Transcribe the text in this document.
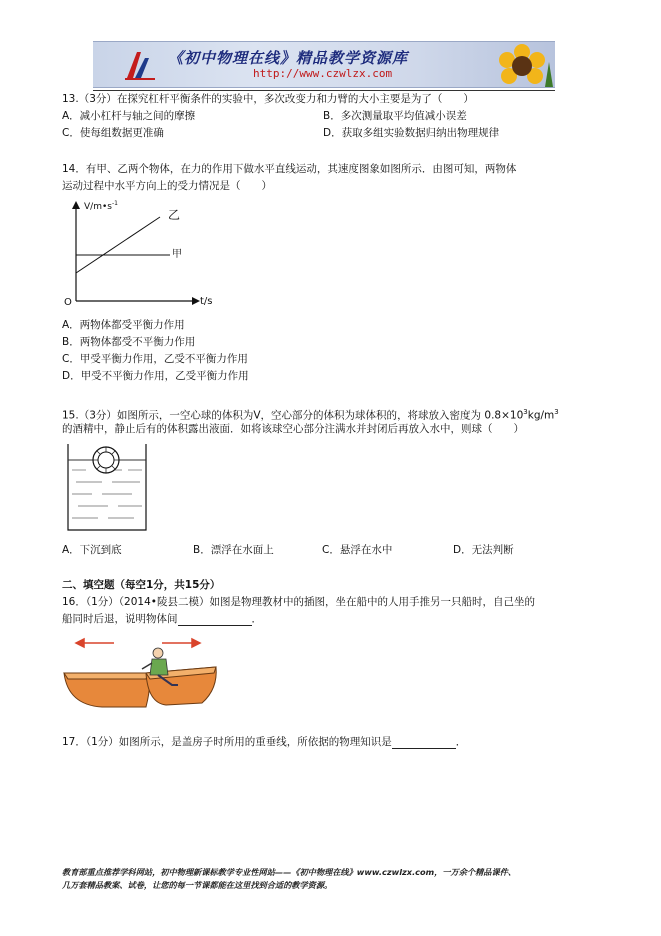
《初中物理在线》精品教学资源库
http://www.czwlzx.com
13.（3分）在探究杠杆平衡条件的实验中，多次改变力和力臂的大小主要是为了（　　）
A．减小杠杆与轴之间的摩擦	B．多次测量取平均值减小误差
C．使每组数据更准确	D．获取多组实验数据归纳出物理规律
14．有甲、乙两个物体，在力的作用下做水平直线运动，其速度图象如图所示．由图可知，两物体
运动过程中水平方向上的受力情况是（　　）
$V/m•s^{-1}$
乙
甲
O	t/s
A．两物体都受平衡力作用
B．两物体都受不平衡力作用
C．甲受平衡力作用，乙受不平衡力作用
D．甲受不平衡力作用，乙受平衡力作用
15.（3分）如图所示，一空心球的体积为V，空心部分的体积为球体积的，将球放入密度为 $0.8\times 10^3kg/m^3$
的酒精中，静止后有的体积露出液面．如将该球空心部分注满水并封闭后再放入水中，则球（　　）
A．下沉到底	B．漂浮在水面上	C．悬浮在水中	D．无法判断
二、填空题（每空1分，共15分）
16．（1分）（2014•陵县二模）如图是物理教材中的插图，坐在船中的人用手推另一只船时，自己坐的
船同时后退，说明物体间	．
17．（1分）如图所示，是盖房子时所用的重垂线，所依据的物理知识是	．
教育部重点推荐学科网站，初中物理新课标教学专业性网站——《初中物理在线》www.czwlzx.com，一万余个精品课件、
几万套精品教案、试卷，让您的每一节课都能在这里找到合适的教学资源。
